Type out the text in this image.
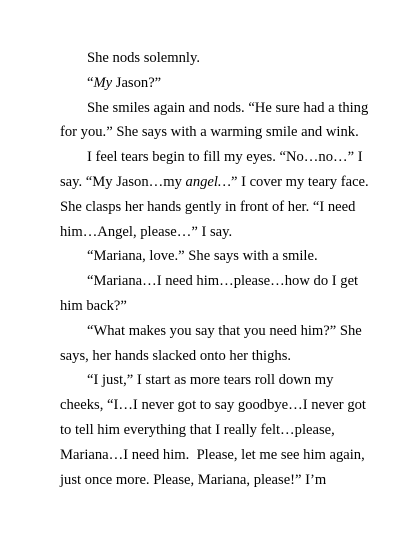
She nods solemnly.

“My Jason?”

She smiles again and nods. “He sure had a thing
for you.” She says with a warming smile and wink.

I feel tears begin to fill my eyes. “No…no…” I
say. “My Jason…my angel…” I cover my teary face.
She clasps her hands gently in front of her. “I need
him…Angel, please…” I say.

“Mariana, love.” She says with a smile.

“Mariana…I need him…please…how do I get
him back?”

“What makes you say that you need him?” She
says, her hands slacked onto her thighs.

“I just,” I start as more tears roll down my
cheeks, “I…I never got to say goodbye…I never got
to tell him everything that I really felt…please,
Mariana…I need him.  Please, let me see him again,
just once more. Please, Mariana, please!” I’m
